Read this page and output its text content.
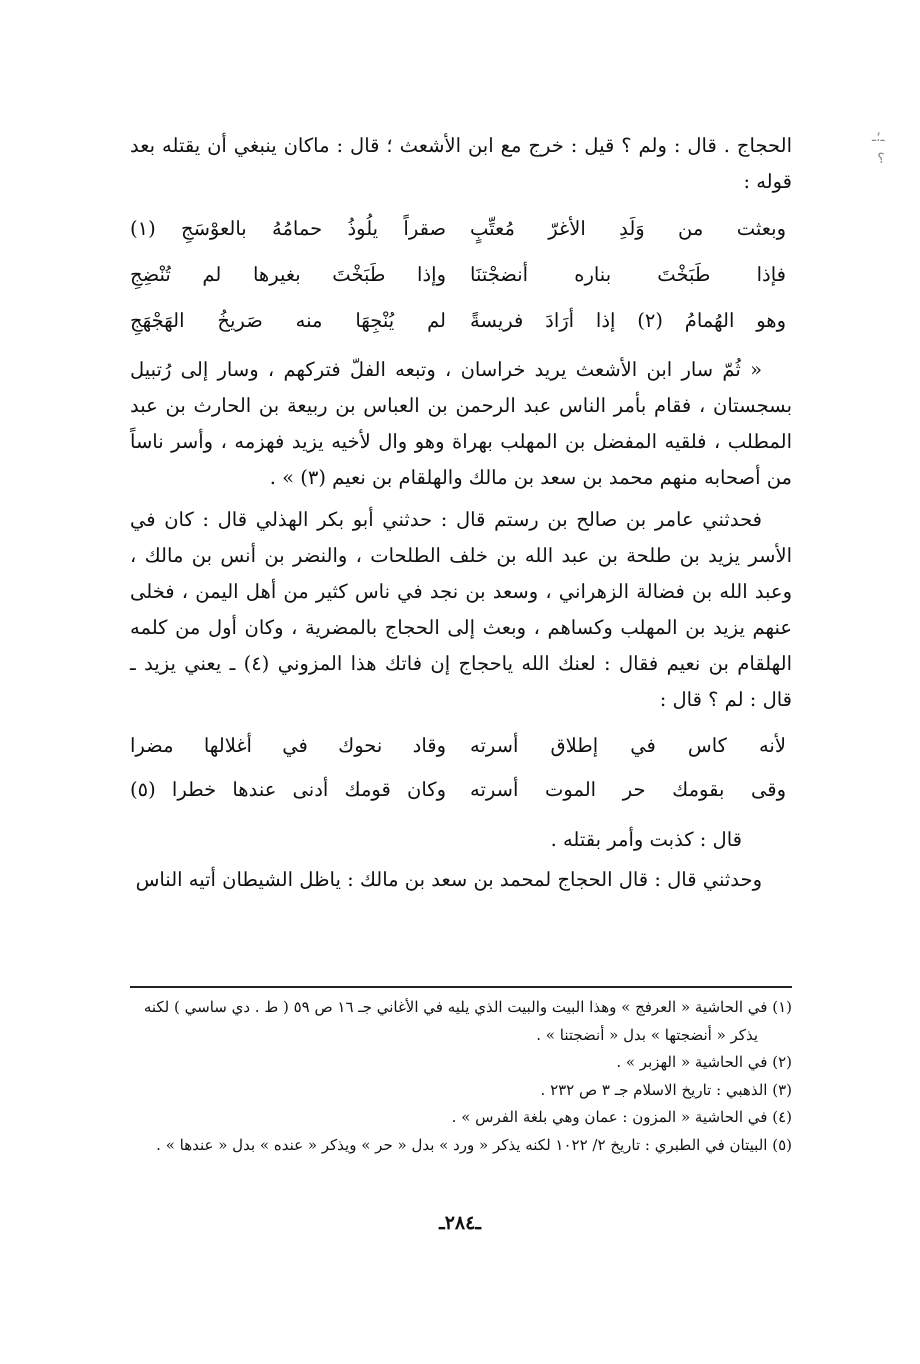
ـ؛ـ
؟

الحجاج . قال : ولم ؟ قيل : خرج مع ابن الأشعث ؛ قال : ماكان ينبغي أن يقتله بعد قوله :

وبعثت من وَلَدِ الأغرّ مُعتِّبٍ
صقراً يلُوذُ حمامُهُ بالعوْسَجِ (١)
فإذا طَبَخْتَ بناره أنضجْتنَا
وإذا طَبَخْتَ بغيرها لم تُنْضِجِ
وهو الهُمامُ (٢) إذا أرَادَ فريسةً
لم يُنْجِهَا منه صَريخُ الهَجْهَجِ

« ثُمّ سار ابن الأشعث يريد خراسان ، وتبعه الفلّ فتركهم ، وسار إلى رُتبيل بسجستان ، فقام بأمر الناس عبد الرحمن بن العباس بن ربيعة بن الحارث بن عبد المطلب ، فلقيه المفضل بن المهلب بهراة وهو وال لأخيه يزيد فهزمه ، وأسر ناساً من أصحابه منهم محمد بن سعد بن مالك والهلقام بن نعيم (٣) » .

فحدثني عامر بن صالح بن رستم قال : حدثني أبو بكر الهذلي قال : كان في الأسر يزيد بن طلحة بن عبد الله بن خلف الطلحات ، والنضر بن أنس بن مالك ، وعبد الله بن فضالة الزهراني ، وسعد بن نجد في ناس كثير من أهل اليمن ، فخلى عنهم يزيد بن المهلب وكساهم ، وبعث إلى الحجاج بالمضرية ، وكان أول من كلمه الهلقام بن نعيم فقال : لعنك الله ياحجاج إن فاتك هذا المزوني (٤) ـ يعني يزيد ـ قال : لم ؟ قال :

لأنه كاس في إطلاق أسرته
وقاد نحوك في أغلالها مضرا
وقى بقومك حر الموت أسرته
وكان قومك أدنى عندها خطرا (٥)

قال : كذبت وأمر بقتله .

وحدثني قال : قال الحجاج لمحمد بن سعد بن مالك : ياظل الشيطان أتيه الناس

(١) في الحاشية « العرفج » وهذا البيت والبيت الذي يليه في الأغاني جـ ١٦ ص ٥٩ ( ط . دي ساسي ) لكنه

يذكر « أنضجتها » بدل « أنضجتنا » .

(٢) في الحاشية « الهزبر » .

(٣) الذهبي : تاريخ الاسلام جـ ٣ ص ٢٣٢ .

(٤) في الحاشية « المزون : عمان وهي بلغة الفرس » .

(٥) البيتان في الطبري : تاريخ ٢/ ١٠٢٢ لكنه يذكر « ورد » بدل « حر » ويذكر « عنده » بدل « عندها » .

ـ٢٨٤ـ
